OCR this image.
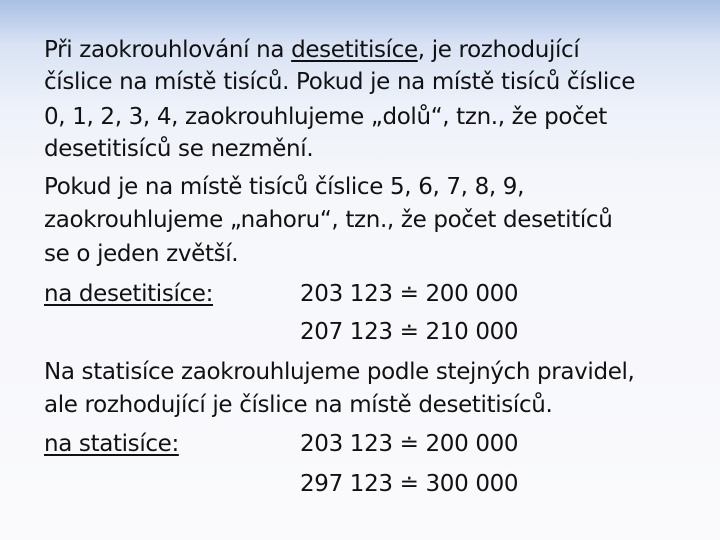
Při zaokrouhlování na desetitisíce, je rozhodující
číslice na místě tisíců. Pokud je na místě tisíců číslice
0, 1, 2, 3, 4, zaokrouhlujeme „dolů“, tzn., že počet
desetitisíců se nezmění.
Pokud je na místě tisíců číslice 5, 6, 7, 8, 9,
zaokrouhlujeme „nahoru“, tzn., že počet desetitíců
se o jeden zvětší.
na desetitisíce:	203 123 ≐ 200 000
207 123 ≐ 210 000
Na statisíce zaokrouhlujeme podle stejných pravidel,
ale rozhodující je číslice na místě desetitisíců.
na statisíce:	203 123 ≐ 200 000
297 123 ≐ 300 000
